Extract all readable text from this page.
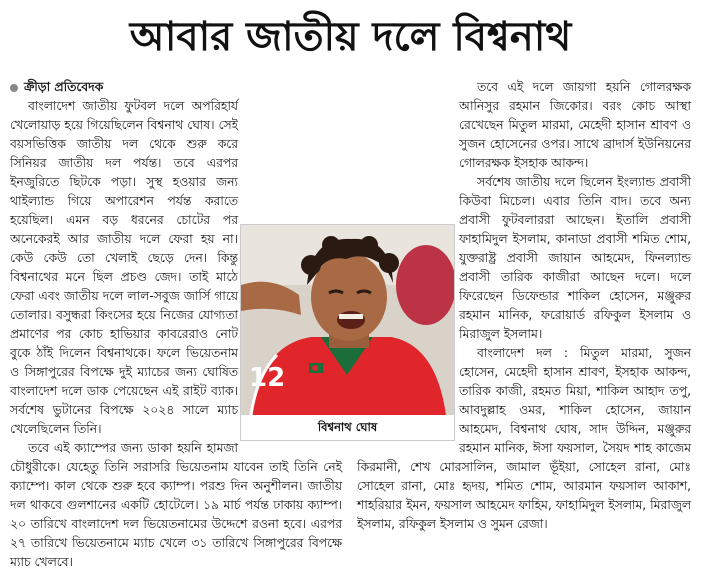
আবার জাতীয় দলে বিশ্বনাথ
ক্রীড়া প্রতিবেদক

বাংলাদেশ জাতীয় ফুটবল দলে অপরিহার্য খেলোয়াড় হয়ে গিয়েছিলেন বিশ্বনাথ ঘোষ। সেই বয়সভিত্তিক জাতীয় দল থেকে শুরু করে সিনিয়র জাতীয় দল পর্যন্ত। তবে এরপর ইনজুরিতে ছিটকে পড়া। সুস্থ হওয়ার জন্য থাইল্যান্ড গিয়ে অপারেশন পর্যন্ত করাতে হয়েছিল। এমন বড় ধরনের চোটের পর অনেকেরই আর জাতীয় দলে ফেরা হয় না। কেউ কেউ তো খেলাই ছেড়ে দেন। কিন্তু বিশ্বনাথের মনে ছিল প্রচণ্ড জেদ। তাই মাঠে ফেরা এবং জাতীয় দলে লাল-সবুজ জার্সি গায়ে তোলার। বসুন্ধরা কিংসের হয়ে নিজের যোগ্যতা প্রমাণের পর কোচ হাভিয়ার কাবরেরাও নোট বুকে ঠাঁই দিলেন বিশ্বনাথকে। ফলে ভিয়েতনাম ও সিঙ্গাপুরের বিপক্ষে দুই ম্যাচের জন্য ঘোষিত বাংলাদেশ দলে ডাক পেয়েছেন এই রাইট ব্যাক। সর্বশেষ ভুটানের বিপক্ষে ২০২৪ সালে ম্যাচ খেলেছিলেন তিনি।

তবে এই ক্যাম্পের জন্য ডাকা হয়নি হামজা চৌধুরীকে। যেহেতু তিনি সরাসরি ভিয়েতনাম যাবেন তাই তিনি নেই ক্যাম্পে। কাল থেকে শুরু হবে ক্যাম্প। পরশু দিন অনুশীলন। জাতীয় দল থাকবে গুলশানের একটি হোটেলে। ১৯ মার্চ পর্যন্ত ঢাকায় ক্যাম্প। ২০ তারিখে বাংলাদেশ দল ভিয়েতনামের উদ্দেশে রওনা হবে। এরপর ২৭ তারিখে ভিয়েতনামে ম্যাচ খেলে ৩১ তারিখে সিঙ্গাপুরের বিপক্ষে ম্যাচ খেলবে।

তবে এই দলে জায়গা হয়নি গোলরক্ষক আনিসুর রহমান জিকোর। বরং কোচ আস্থা রেখেছেন মিতুল মারমা, মেহেদী হাসান শ্রাবণ ও সুজন হোসেনের ওপর। সাথে ব্রাদার্স ইউনিয়নের গোলরক্ষক ইসহাক আকন্দ।

সর্বশেষ জাতীয় দলে ছিলেন ইংল্যান্ড প্রবাসী কিউবা মিচেল। এবার তিনি বাদ। তবে অন্য প্রবাসী ফুটবলাররা আছেন। ইতালি প্রবাসী ফাহামিদুল ইসলাম, কানাডা প্রবাসী শমিত শোম, যুক্তরাষ্ট্র প্রবাসী জায়ান আহমেদ, ফিনল্যান্ড প্রবাসী তারিক কাজীরা আছেন দলে। দলে ফিরেছেন ডিফেন্ডার শাকিল হোসেন, মঞ্জুরুর রহমান মানিক, ফরোয়ার্ড রফিকুল ইসলাম ও মিরাজুল ইসলাম।

বাংলাদেশ দল : মিতুল মারমা, সুজন হোসেন, মেহেদী হাসান শ্রাবণ, ইসহাক আকন্দ, তারিক কাজী, রহমত মিয়া, শাকিল আহাদ তপু, আবদুল্লাহ ওমর, শাকিল হোসেন, জায়ান আহমেদ, বিশ্বনাথ ঘোষ, সাদ উদ্দিন, মঞ্জুরুর রহমান মানিক, ঈসা ফয়সাল, সৈয়দ শাহ কাজেম কিরমানী, শেখ মোরসালিন, জামাল ভূঁইয়া, সোহেল রানা, মোঃ সোহেল রানা, মোঃ হৃদয়, শমিত শোম, আরমান ফয়সাল আকাশ, শাহরিয়ার ইমন, ফয়সাল আহমেদ ফাহিম, ফাহামিদুল ইসলাম, মিরাজুল ইসলাম, রফিকুল ইসলাম ও সুমন রেজা।

12
বিশ্বনাথ ঘোষ
